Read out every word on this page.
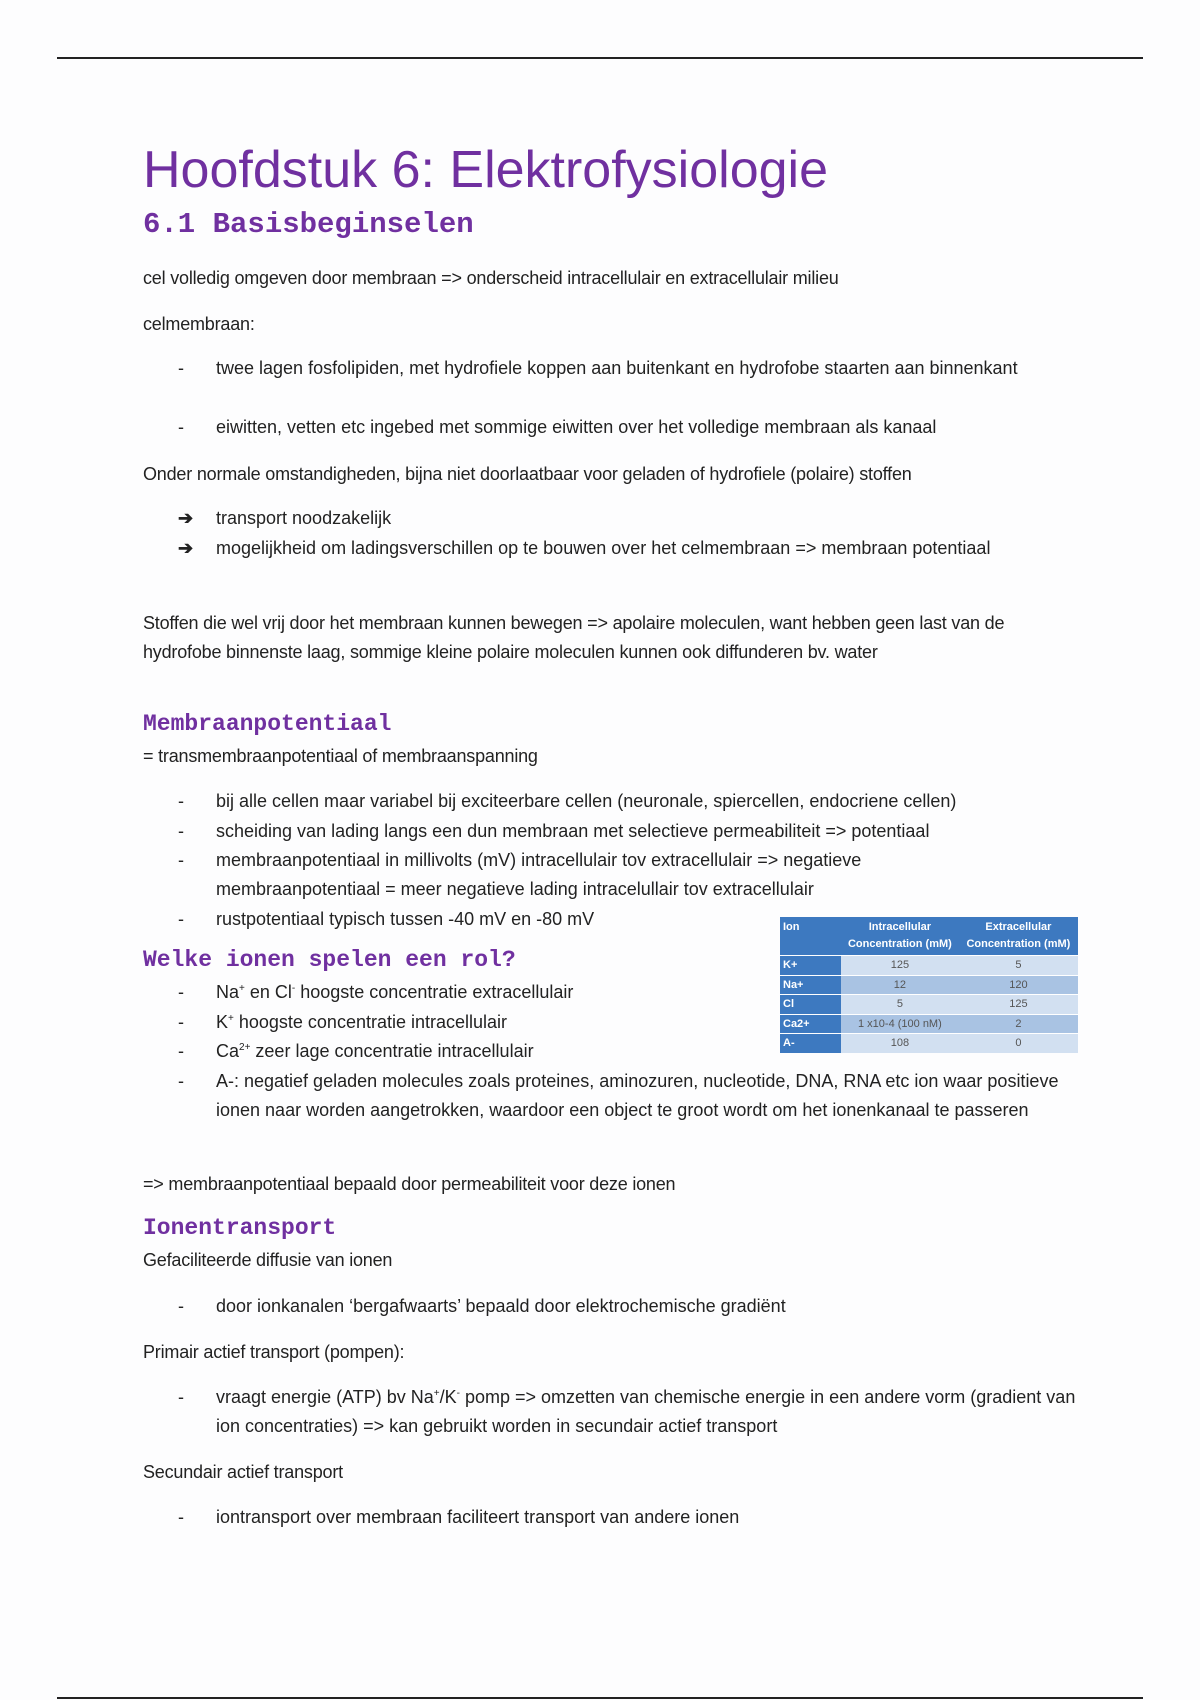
Hoofdstuk 6: Elektrofysiologie
6.1 Basisbeginselen
cel volledig omgeven door membraan => onderscheid intracellulair en extracellulair milieu
celmembraan:
-	twee lagen fosfolipiden, met hydrofiele koppen aan buitenkant en hydrofobe staarten aan binnenkant
-	eiwitten, vetten etc ingebed met sommige eiwitten over het volledige membraan als kanaal
Onder normale omstandigheden, bijna niet doorlaatbaar voor geladen of hydrofiele (polaire) stoffen
➔	transport noodzakelijk
➔	mogelijkheid om ladingsverschillen op te bouwen over het celmembraan => membraan potentiaal
Stoffen die wel vrij door het membraan kunnen bewegen => apolaire moleculen, want hebben geen last van de hydrofobe binnenste laag, sommige kleine polaire moleculen kunnen ook diffunderen bv. water
Membraanpotentiaal
= transmembraanpotentiaal of membraanspanning
-	bij alle cellen maar variabel bij exciteerbare cellen (neuronale, spiercellen, endocriene cellen)
-	scheiding van lading langs een dun membraan met selectieve permeabiliteit => potentiaal
-	membraanpotentiaal in millivolts (mV) intracellulair tov extracellulair => negatieve membraanpotentiaal = meer negatieve lading intracelullair tov extracellulair
-	rustpotentiaal typisch tussen -40 mV en -80 mV
Welke ionen spelen een rol?
-	Na+ en Cl- hoogste concentratie extracellulair
-	K+ hoogste concentratie intracellulair
-	$Ca^{2+}$ zeer lage concentratie intracellulair
-	A-: negatief geladen molecules zoals proteines, aminozuren, nucleotide, DNA, RNA etc ion waar positieve ionen naar worden aangetrokken, waardoor een object te groot wordt om het ionenkanaal te passeren
Ion	Intracellular Concentration (mM)	Extracellular Concentration (mM)
K+	125	5
Na+	12	120
Cl	5	125
Ca2+	1 x10-4 (100 nM)	2
A-	108	0
=> membraanpotentiaal bepaald door permeabiliteit voor deze ionen
Ionentransport
Gefaciliteerde diffusie van ionen
-	door ionkanalen ‘bergafwaarts’ bepaald door elektrochemische gradiënt
Primair actief transport (pompen):
-	vraagt energie (ATP) bv Na+/K- pomp => omzetten van chemische energie in een andere vorm (gradient van ion concentraties) => kan gebruikt worden in secundair actief transport
Secundair actief transport
-	iontransport over membraan faciliteert transport van andere ionen
